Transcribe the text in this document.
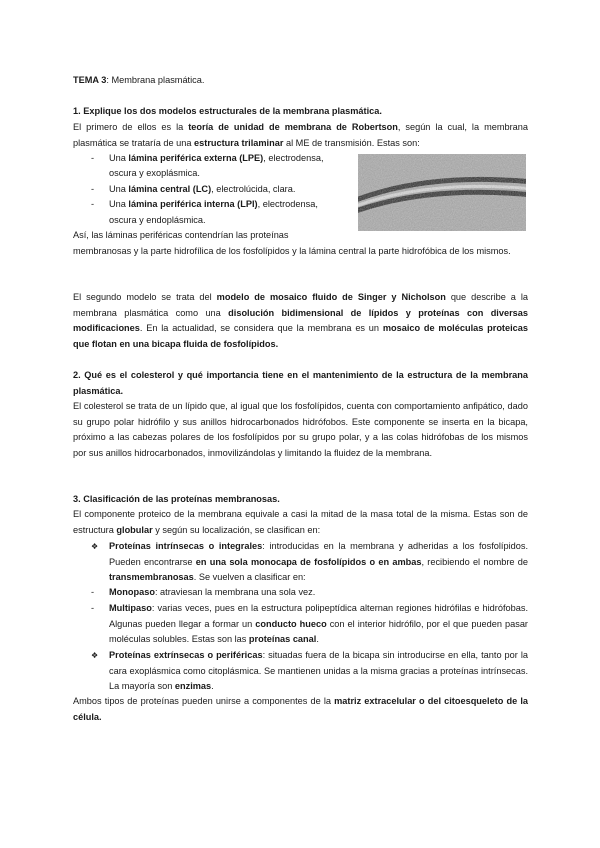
TEMA 3: Membrana plasmática.
1. Explique los dos modelos estructurales de la membrana plasmática.
El primero de ellos es la teoría de unidad de membrana de Robertson, según la cual, la membrana plasmática se trataría de una estructura trilaminar al ME de transmisión. Estas son:
- Una lámina periférica externa (LPE), electrodensa,
oscura y exoplásmica.
- Una lámina central (LC), electrolúcida, clara.
- Una lámina periférica interna (LPI), electrodensa,
oscura y endoplásmica.
Así, las láminas periféricas contendrían las proteínas
membranosas y la parte hidrofílica de los fosfolípidos y la lámina central la parte hidrofóbica de los mismos.
El segundo modelo se trata del modelo de mosaico fluido de Singer y Nicholson que describe a la membrana plasmática como una disolución bidimensional de lípidos y proteínas con diversas modificaciones. En la actualidad, se considera que la membrana es un mosaico de moléculas proteicas que flotan en una bicapa fluida de fosfolípidos.
2. Qué es el colesterol y qué importancia tiene en el mantenimiento de la estructura de la membrana plasmática.
El colesterol se trata de un lípido que, al igual que los fosfolípidos, cuenta con comportamiento anfipático, dado su grupo polar hidrófilo y sus anillos hidrocarbonados hidrófobos. Este componente se inserta en la bicapa, próximo a las cabezas polares de los fosfolípidos por su grupo polar, y a las colas hidrófobas de los mismos por sus anillos hidrocarbonados, inmovilizándolas y limitando la fluidez de la membrana.
3. Clasificación de las proteínas membranosas.
El componente proteico de la membrana equivale a casi la mitad de la masa total de la misma. Estas son de estructura globular y según su localización, se clasifican en:
❖ Proteínas intrínsecas o integrales: introducidas en la membrana y adheridas a los fosfolípidos. Pueden encontrarse en una sola monocapa de fosfolípidos o en ambas, recibiendo el nombre de transmembranosas. Se vuelven a clasificar en:
- Monopaso: atraviesan la membrana una sola vez.
- Multipaso: varias veces, pues en la estructura polipeptídica alternan regiones hidrófilas e hidrófobas. Algunas pueden llegar a formar un conducto hueco con el interior hidrófilo, por el que pueden pasar moléculas solubles. Estas son las proteínas canal.
❖ Proteínas extrínsecas o periféricas: situadas fuera de la bicapa sin introducirse en ella, tanto por la cara exoplásmica como citoplásmica. Se mantienen unidas a la misma gracias a proteínas intrínsecas. La mayoría son enzimas.
Ambos tipos de proteínas pueden unirse a componentes de la matriz extracelular o del citoesqueleto de la célula.
